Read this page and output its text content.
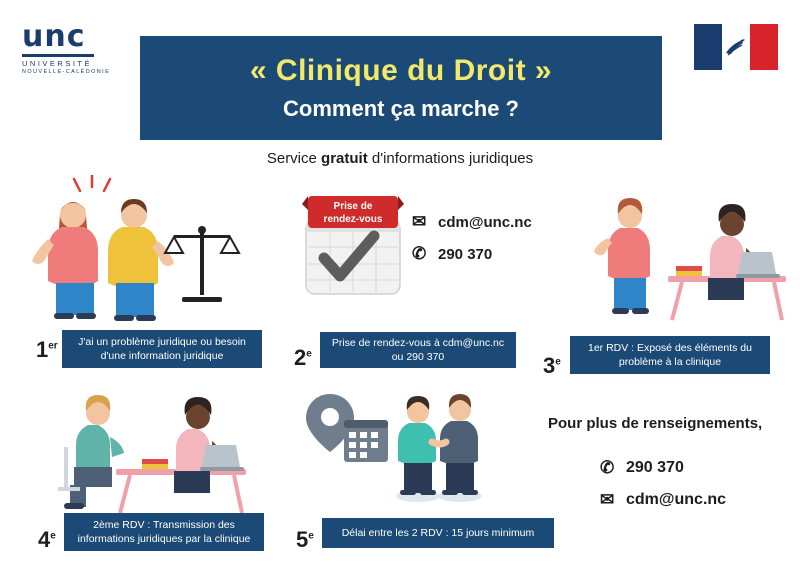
unc
UNIVERSITÉ
NOUVELLE-CALÉDONIE	« Clinique du Droit »
Comment ça marche ?
Service gratuit d'informations juridiques
Prise de
rendez-vous ✉ cdm@unc.nc
✆ 290 370
1er	J'ai un problème juridique ou besoin d'une information juridique	2e
Prise de rendez-vous à cdm@unc.nc ou 290 370	3e
1er RDV : Exposé des éléments du problème à la clinique
Pour plus de renseignements,
✆ 290 370
✉ cdm@unc.nc
4e
2ème RDV : Transmission des informations juridiques par la clinique	5e	Délai entre les 2 RDV : 15 jours minimum
